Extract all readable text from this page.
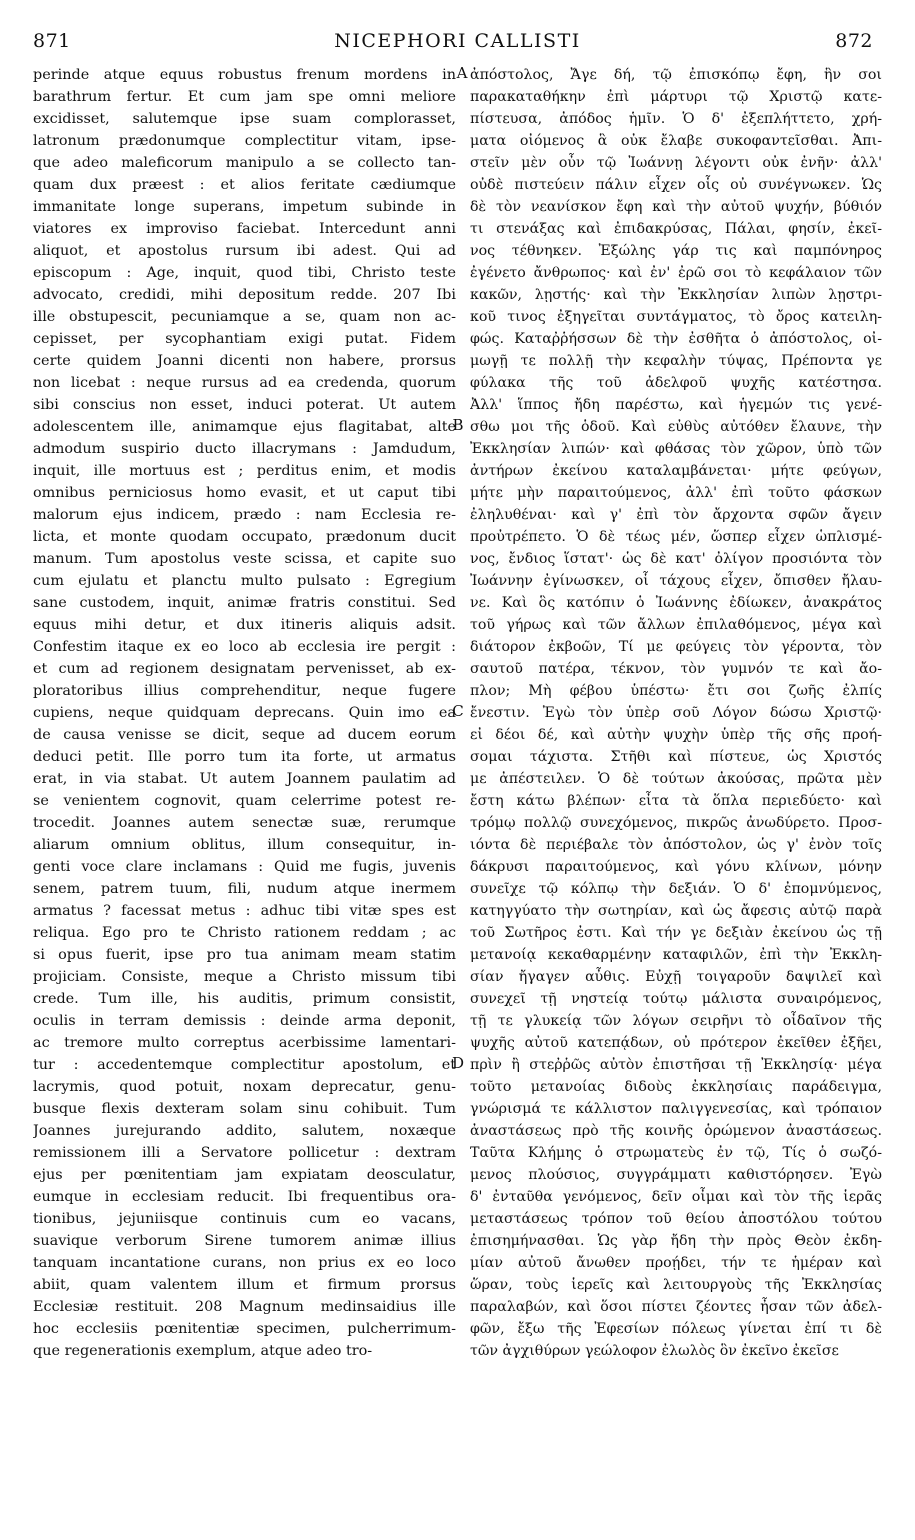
NICEPHORI CALLISTI
871	872
perinde atque equus robustus frenum mordens in
barathrum fertur. Et cum jam spe omni meliore
excidisset, salutemque ipse suam complorasset,
latronum prædonumque complectitur vitam, ipse-
que adeo maleficorum manipulo a se collecto tan-
quam dux præest : et alios feritate cædiumque
immanitate longe superans, impetum subinde in
viatores ex improviso faciebat. Intercedunt anni
aliquot, et apostolus rursum ibi adest. Qui ad
episcopum : Age, inquit, quod tibi, Christo teste
advocato, credidi, mihi depositum redde. 207 Ibi
ille obstupescit, pecuniamque a se, quam non ac-
cepisset, per sycophantiam exigi putat. Fidem
certe quidem Joanni dicenti non habere, prorsus
non licebat : neque rursus ad ea credenda, quorum
sibi conscius non esset, induci poterat. Ut autem
adolescentem ille, animamque ejus flagitabat, alte
admodum suspirio ducto illacrymans : Jamdudum,
inquit, ille mortuus est ; perditus enim, et modis
omnibus perniciosus homo evasit, et ut caput tibi
malorum ejus indicem, prædo : nam Ecclesia re-
licta, et monte quodam occupato, prædonum ducit
manum. Tum apostolus veste scissa, et capite suo
cum ejulatu et planctu multo pulsato : Egregium
sane custodem, inquit, animæ fratris constitui. Sed
equus mihi detur, et dux itineris aliquis adsit.
Confestim itaque ex eo loco ab ecclesia ire pergit :
et cum ad regionem designatam pervenisset, ab ex-
ploratoribus illius comprehenditur, neque fugere
cupiens, neque quidquam deprecans. Quin imo ea
de causa venisse se dicit, seque ad ducem eorum
deduci petit. Ille porro tum ita forte, ut armatus
erat, in via stabat. Ut autem Joannem paulatim ad
se venientem cognovit, quam celerrime potest re-
trocedit. Joannes autem senectæ suæ, rerumque
aliarum omnium oblitus, illum consequitur, in-
genti voce clare inclamans : Quid me fugis, juvenis
senem, patrem tuum, fili, nudum atque inermem
armatus ? facessat metus : adhuc tibi vitæ spes est
reliqua. Ego pro te Christo rationem reddam ; ac
si opus fuerit, ipse pro tua animam meam statim
projiciam. Consiste, meque a Christo missum tibi
crede. Tum ille, his auditis, primum consistit,
oculis in terram demissis : deinde arma deponit,
ac tremore multo correptus acerbissime lamentari-
tur : accedentemque complectitur apostolum, et
lacrymis, quod potuit, noxam deprecatur, genu-
busque flexis dexteram solam sinu cohibuit. Tum
Joannes jurejurando addito, salutem, noxæque
remissionem illi a Servatore pollicetur : dextram
ejus per pœnitentiam jam expiatam deosculatur,
eumque in ecclesiam reducit. Ibi frequentibus ora-
tionibus, jejuniisque continuis cum eo vacans,
suavique verborum Sirene tumorem animæ illius
tanquam incantatione curans, non prius ex eo loco
abiit, quam valentem illum et firmum prorsus
Ecclesiæ restituit. 208 Magnum medinsaidius ille
hoc ecclesiis pœnitentiæ specimen, pulcherrimum-
que regenerationis exemplum, atque adeo tro-
ἀπόστολος, Ἄγε δή, τῷ ἐπισκόπῳ ἔφη, ἣν σοι
παρακαταθήκην ἐπὶ μάρτυρι τῷ Χριστῷ κατε-
πίστευσα, ἀπόδος ἡμῖν. Ὁ δ' ἐξεπλήττετο, χρή-
ματα οἰόμενος ἃ οὐκ ἔλαβε συκοφαντεῖσθαι. Ἀπι-
στεῖν μὲν οὖν τῷ Ἰωάννῃ λέγοντι οὐκ ἐνῆν· ἀλλ'
οὐδὲ πιστεύειν πάλιν εἶχεν οἷς οὐ συνέγνωκεν. Ὡς
δὲ τὸν νεανίσκον ἔφη καὶ τὴν αὐτοῦ ψυχήν, βύθιόν
τι στενάξας καὶ ἐπιδακρύσας, Πάλαι, φησίν, ἐκεῖ-
νος τέθνηκεν. Ἐξώλης γάρ τις καὶ παμπόνηρος
ἐγένετο ἄνθρωπος· καὶ ἐν' ἐρῶ σοι τὸ κεφάλαιον τῶν
κακῶν, λῃστής· καὶ τὴν Ἐκκλησίαν λιπὼν λῃστρι-
κοῦ τινος ἐξηγεῖται συντάγματος, τὸ ὄρος κατειλη-
φώς. Καταῤῥήσσων δὲ τὴν ἐσθῆτα ὁ ἀπόστολος, οἰ-
μωγῇ τε πολλῇ τὴν κεφαλὴν τύψας, Πρέποντα γε
φύλακα τῆς τοῦ ἀδελφοῦ ψυχῆς κατέστησα.
Ἀλλ' ἵππος ἤδη παρέστω, καὶ ἡγεμών τις γενέ-
σθω μοι τῆς ὁδοῦ. Καὶ εὐθὺς αὐτόθεν ἔλαυνε, τὴν
Ἐκκλησίαν λιπών· καὶ φθάσας τὸν χῶρον, ὑπὸ τῶν
ἀντήρων ἐκείνου καταλαμβάνεται· μήτε φεύγων,
μήτε μὴν παραιτούμενος, ἀλλ' ἐπὶ τοῦτο φάσκων
ἐληλυθέναι· καὶ γ' ἐπὶ τὸν ἄρχοντα σφῶν ἄγειν
προὐτρέπετο. Ὁ δὲ τέως μέν, ὥσπερ εἶχεν ὡπλισμέ-
νος, ἔνδιος ἵστατ'· ὡς δὲ κατ' ὀλίγον προσιόντα τὸν
Ἰωάννην ἐγίνωσκεν, οἷ τάχους εἶχεν, ὄπισθεν ἤλαυ-
νε. Καὶ ὃς κατόπιν ὁ Ἰωάννης ἐδίωκεν, ἀνακράτος
τοῦ γήρως καὶ τῶν ἄλλων ἐπιλαθόμενος, μέγα καὶ
διάτορον ἐκβοῶν, Τί με φεύγεις τὸν γέροντα, τὸν
σαυτοῦ πατέρα, τέκνον, τὸν γυμνόν τε καὶ ἄο-
πλον; Μὴ φέβου ὑπέστω· ἔτι σοι ζωῆς ἐλπίς
ἔνεστιν. Ἐγὼ τὸν ὑπὲρ σοῦ Λόγον δώσω Χριστῷ·
εἰ δέοι δέ, καὶ αὐτὴν ψυχὴν ὑπὲρ τῆς σῆς προή-
σομαι τάχιστα. Στῆθι καὶ πίστευε, ὡς Χριστός
με ἀπέστειλεν. Ὁ δὲ τούτων ἀκούσας, πρῶτα μὲν
ἔστη κάτω βλέπων· εἶτα τὰ ὅπλα περιεδύετο· καὶ
τρόμῳ πολλῷ συνεχόμενος, πικρῶς ἀνωδύρετο. Προσ-
ιόντα δὲ περιέβαλε τὸν ἀπόστολον, ὡς γ' ἐνὸν τοῖς
δάκρυσι παραιτούμενος, καὶ γόνυ κλίνων, μόνην
συνεῖχε τῷ κόλπῳ τὴν δεξιάν. Ὁ δ' ἐπομνύμενος,
κατηγγύατο τὴν σωτηρίαν, καὶ ὡς ἄφεσις αὐτῷ παρὰ
τοῦ Σωτῆρος ἐστι. Καὶ τήν γε δεξιὰν ἐκείνου ὡς τῇ
μετανοίᾳ κεκαθαρμένην καταφιλῶν, ἐπὶ τὴν Ἐκκλη-
σίαν ἤγαγεν αὖθις. Εὐχῇ τοιγαροῦν δαψιλεῖ καὶ
συνεχεῖ τῇ νηστείᾳ τούτῳ μάλιστα συναιρόμενος,
τῇ τε γλυκείᾳ τῶν λόγων σειρῆνι τὸ οἶδαῖνον τῆς
ψυχῆς αὐτοῦ κατεπᾴδων, οὐ πρότερον ἐκεῖθεν ἐξῆει,
πρὶν ἢ στεῤῥῶς αὐτὸν ἐπιστῆσαι τῇ Ἐκκλησίᾳ· μέγα
τοῦτο μετανοίας διδοὺς ἐκκλησίαις παράδειγμα,
γνώρισμά τε κάλλιστον παλιγγενεσίας, καὶ τρόπαιον
ἀναστάσεως πρὸ τῆς κοινῆς ὁρώμενον ἀναστάσεως.
Ταῦτα Κλήμης ὁ στρωματεὺς ἐν τῷ, Τίς ὁ σωζό-
μενος πλούσιος, συγγράμματι καθιστόρησεν. Ἐγὼ
δ' ἐνταῦθα γενόμενος, δεῖν οἶμαι καὶ τὸν τῆς ἱερᾶς
μεταστάσεως τρόπον τοῦ θείου ἀποστόλου τούτου
ἐπισημήνασθαι. Ὡς γὰρ ἤδη τὴν πρὸς Θεὸν ἐκδη-
μίαν αὐτοῦ ἄνωθεν προῄδει, τήν τε ἡμέραν καὶ
ὥραν, τοὺς ἱερεῖς καὶ λειτουργοὺς τῆς Ἐκκλησίας
παραλαβών, καὶ ὅσοι πίστει ζέοντες ἦσαν τῶν ἀδελ-
φῶν, ἔξω τῆς Ἐφεσίων πόλεως γίνεται ἐπί τι δὲ
τῶν ἀγχιθύρων γεώλοφον ἐλωλὸς ὃν ἐκεῖνο ἐκεῖσε
A
B
C
D
